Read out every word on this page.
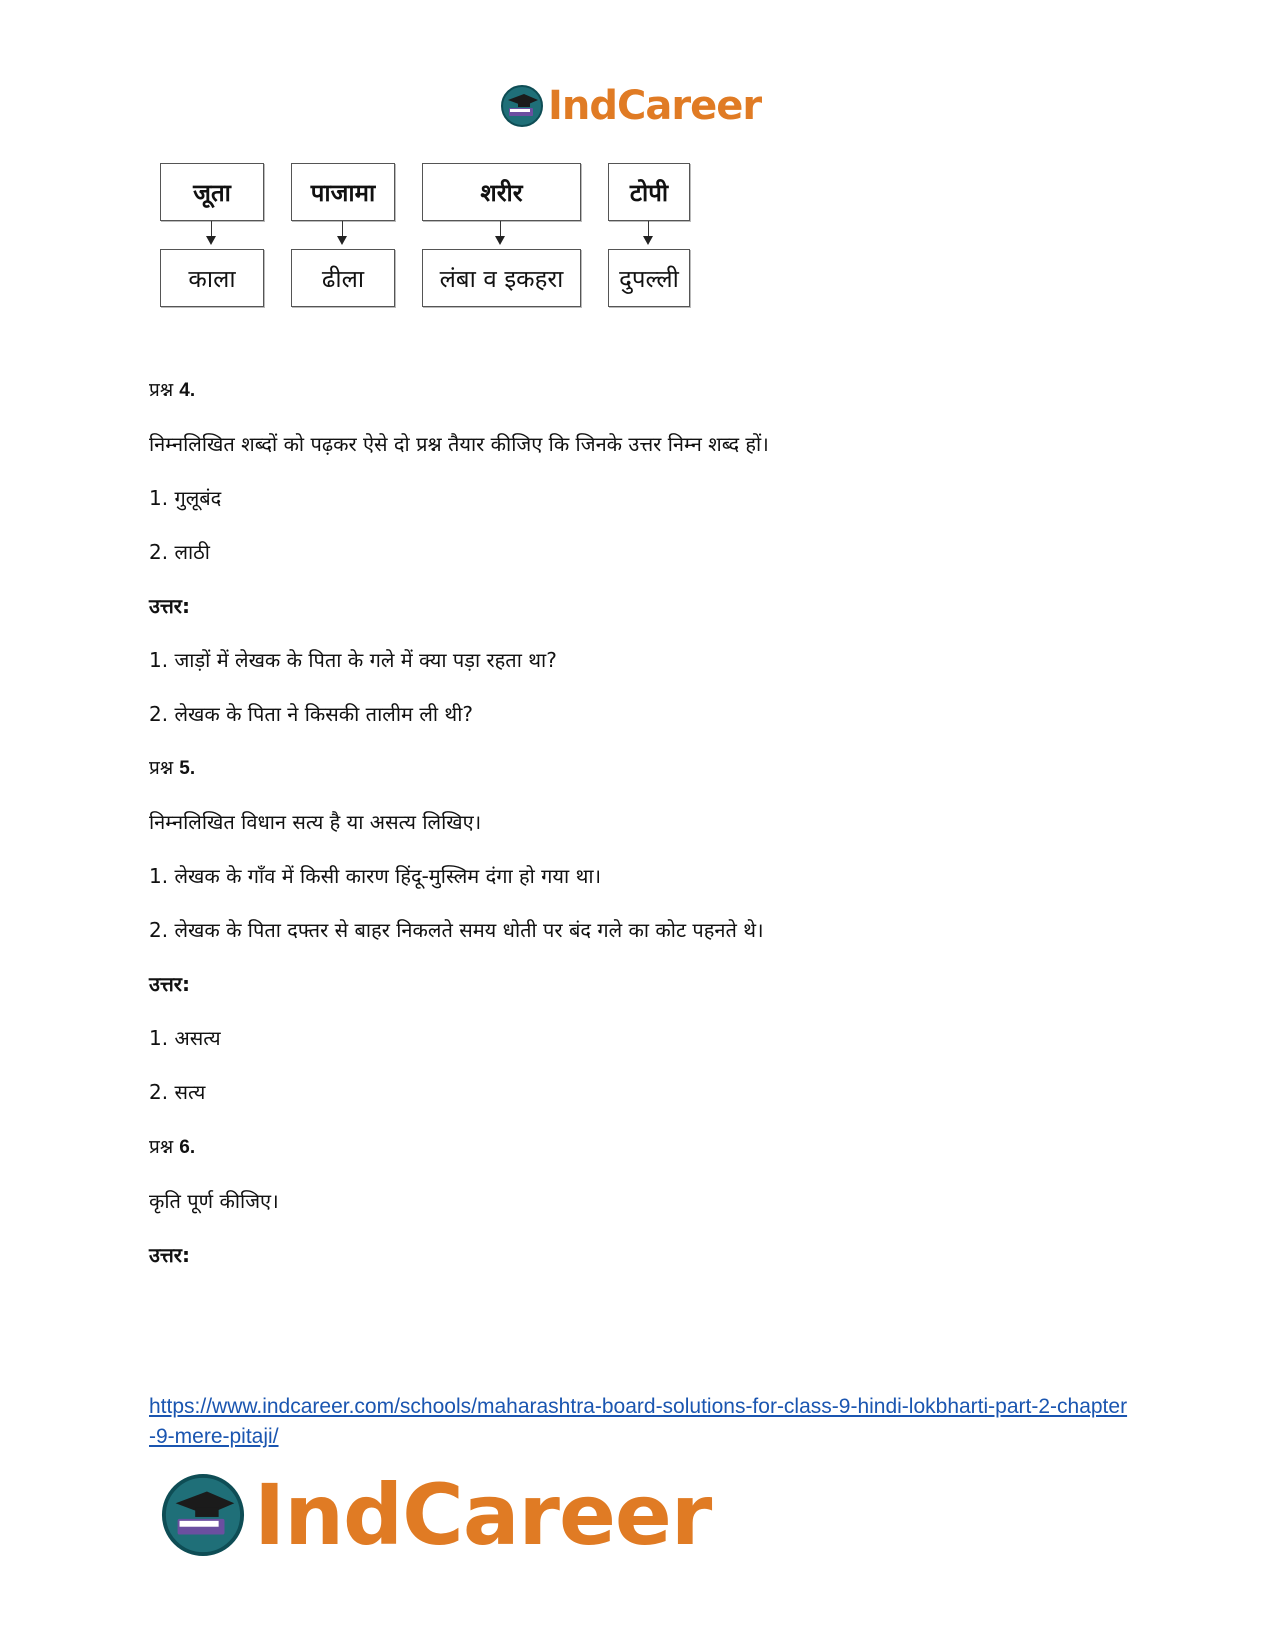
IndCareer
जूता	पाजामा	शरीर	टोपी
काला	ढीला	लंबा व इकहरा	दुपल्ली
प्रश्न 4.
निम्नलिखित शब्दों को पढ़कर ऐसे दो प्रश्न तैयार कीजिए कि जिनके उत्तर निम्न शब्द हों।
1. गुलूबंद
2. लाठी
उत्तर:
1. जाड़ों में लेखक के पिता के गले में क्या पड़ा रहता था?
2. लेखक के पिता ने किसकी तालीम ली थी?
प्रश्न 5.
निम्नलिखित विधान सत्य है या असत्य लिखिए।
1. लेखक के गाँव में किसी कारण हिंदू-मुस्लिम दंगा हो गया था।
2. लेखक के पिता दफ्तर से बाहर निकलते समय धोती पर बंद गले का कोट पहनते थे।
उत्तर:
1. असत्य
2. सत्य
प्रश्न 6.
कृति पूर्ण कीजिए।
उत्तर:
https://www.indcareer.com/schools/maharashtra-board-solutions-for-class-9-hindi-lokbharti-part-2-chapter-9-mere-pitaji/
IndCareer
